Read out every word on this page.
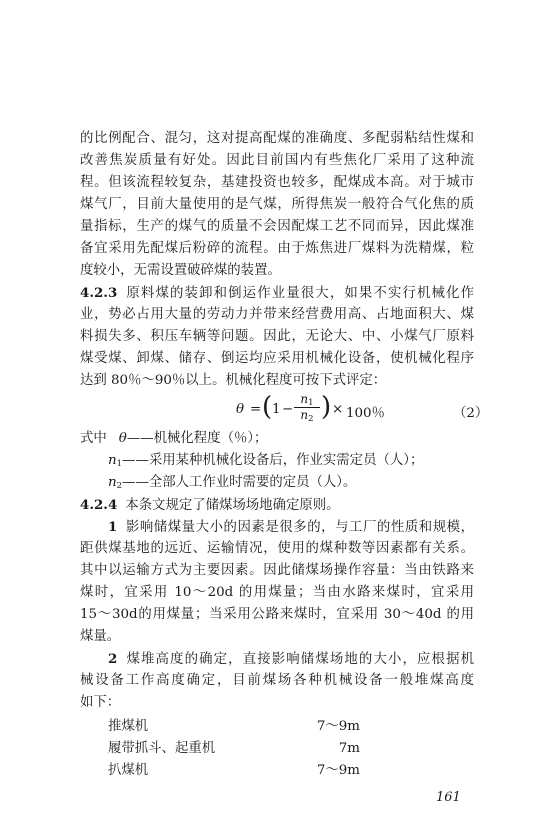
的比例配合、混匀，这对提高配煤的准确度、多配弱粘结性煤和
改善焦炭质量有好处。因此目前国内有些焦化厂采用了这种流
程。但该流程较复杂，基建投资也较多，配煤成本高。对于城市
煤气厂，目前大量使用的是气煤，所得焦炭一般符合气化焦的质
量指标，生产的煤气的质量不会因配煤工艺不同而异，因此煤准
备宜采用先配煤后粉碎的流程。由于炼焦进厂煤料为洗精煤，粒
度较小，无需设置破碎煤的装置。
4.2.3 原料煤的装卸和倒运作业量很大，如果不实行机械化作
业，势必占用大量的劳动力并带来经营费用高、占地面积大、煤
料损失多、积压车辆等问题。因此，无论大、中、小煤气厂原料
煤受煤、卸煤、储存、倒运均应采用机械化设备，使机械化程序
达到 80％～90％以上。机械化程度可按下式评定：
θ = ( 1 −
$n_1$
$n_2$ ) × 100％	（2）
式中 θ——机械化程度（％）；
$n_1——$采用某种机械化设备后，作业实需定员（人）；
$n_2——$全部人工作业时需要的定员（人）。
4.2.4 本条文规定了储煤场场地确定原则。
1 影响储煤量大小的因素是很多的，与工厂的性质和规模，
距供煤基地的远近、运输情况，使用的煤种数等因素都有关系。
其中以运输方式为主要因素。因此储煤场操作容量：当由铁路来
煤时，宜采用 10～20d 的用煤量；当由水路来煤时，宜采用
15～30d的用煤量；当采用公路来煤时，宜采用 30～40d 的用
煤量。
2 煤堆高度的确定，直接影响储煤场地的大小，应根据机
械设备工作高度确定，目前煤场各种机械设备一般堆煤高度
如下：
推煤机	7～9m
履带抓斗、起重机	7m
扒煤机	7～9m
161
